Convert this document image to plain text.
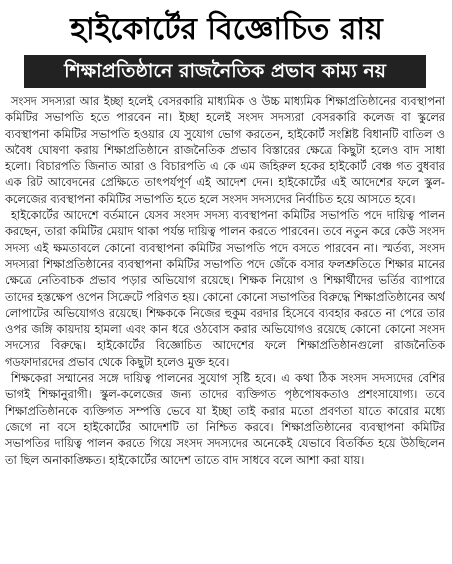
হাইকোর্টের বিজ্ঞোচিত রায়
শিক্ষাপ্রতিষ্ঠানে রাজনৈতিক প্রভাব কাম্য নয়

সংসদ সদস্যরা আর ইচ্ছা হলেই বেসরকারি মাধ্যমিক ও উচ্চ মাধ্যমিক শিক্ষাপ্রতিষ্ঠানের ব্যবস্থাপনা কমিটির সভাপতি হতে পারবেন না। ইচ্ছা হলেই সংসদ সদস্যরা বেসরকারি কলেজ বা স্কুলের ব্যবস্থাপনা কমিটির সভাপতি হওয়ার যে সুযোগ ভোগ করতেন, হাইকোর্ট সংশ্লিষ্ট বিধানটি বাতিল ও অবৈধ ঘোষণা করায় শিক্ষাপ্রতিষ্ঠানে রাজনৈতিক প্রভাব বিস্তারের ক্ষেত্রে কিছুটা হলেও বাদ সাধা হলো। বিচারপতি জিনাত আরা ও বিচারপতি এ কে এম জহিরুল হকের হাইকোর্ট বেঞ্চ গত বুধবার এক রিট আবেদনের প্রেক্ষিতে তাৎপর্যপূর্ণ এই আদেশ দেন। হাইকোর্টের এই আদেশের ফলে স্কুল-কলেজের ব্যবস্থাপনা কমিটির সভাপতি হতে হলে সংসদ সদস্যদের নির্বাচিত হয়ে আসতে হবে।

হাইকোর্টের আদেশে বর্তমানে যেসব সংসদ সদস্য ব্যবস্থাপনা কমিটির সভাপতি পদে দায়িত্ব পালন করছেন, তারা কমিটির মেয়াদ থাকা পর্যন্ত দায়িত্ব পালন করতে পারবেন। তবে নতুন করে কেউ সংসদ সদস্য এই ক্ষমতাবলে কোনো ব্যবস্থাপনা কমিটির সভাপতি পদে বসতে পারবেন না। স্মর্তব্য, সংসদ সদস্যরা শিক্ষাপ্রতিষ্ঠানের ব্যবস্থাপনা কমিটির সভাপতি পদে জেঁকে বসার ফলশ্রুতিতে শিক্ষার মানের ক্ষেত্রে নেতিবাচক প্রভাব পড়ার অভিযোগ রয়েছে। শিক্ষক নিয়োগ ও শিক্ষার্থীদের ভর্তির ব্যাপারে তাদের হস্তক্ষেপ ওপেন সিক্রেটে পরিণত হয়। কোনো কোনো সভাপতির বিরুদ্ধে শিক্ষাপ্রতিষ্ঠানের অর্থ লোপাটের অভিযোগও রয়েছে। শিক্ষককে নিজের হুকুম বরদার হিসেবে ব্যবহার করতে না পেরে তার ওপর জঙ্গি কায়দায় হামলা এবং কান ধরে ওঠবোস করার অভিযোগও রয়েছে কোনো কোনো সংসদ সদস্যের বিরুদ্ধে। হাইকোর্টের বিজ্ঞোচিত আদেশের ফলে শিক্ষাপ্রতিষ্ঠানগুলো রাজনৈতিক গডফাদারদের প্রভাব থেকে কিছুটা হলেও মুক্ত হবে।

শিক্ষকেরা সম্মানের সঙ্গে দায়িত্ব পালনের সুযোগ সৃষ্টি হবে। এ কথা ঠিক সংসদ সদস্যদের বেশির ভাগই শিক্ষানুরাগী। স্কুল-কলেজের জন্য তাদের ব্যক্তিগত পৃষ্ঠপোষকতাও প্রশংসাযোগ্য। তবে শিক্ষাপ্রতিষ্ঠানকে ব্যক্তিগত সম্পত্তি ভেবে যা ইচ্ছা তাই করার মতো প্রবণতা যাতে কারোর মধ্যে জেগে না বসে হাইকোর্টের আদেশটি তা নিশ্চিত করবে। শিক্ষাপ্রতিষ্ঠানের ব্যবস্থাপনা কমিটির সভাপতির দায়িত্ব পালন করতে গিয়ে সংসদ সদস্যদের অনেকেই যেভাবে বিতর্কিত হয়ে উঠছিলেন তা ছিল অনাকাঙ্ক্ষিত। হাইকোর্টের আদেশ তাতে বাদ সাধবে বলে আশা করা যায়।
